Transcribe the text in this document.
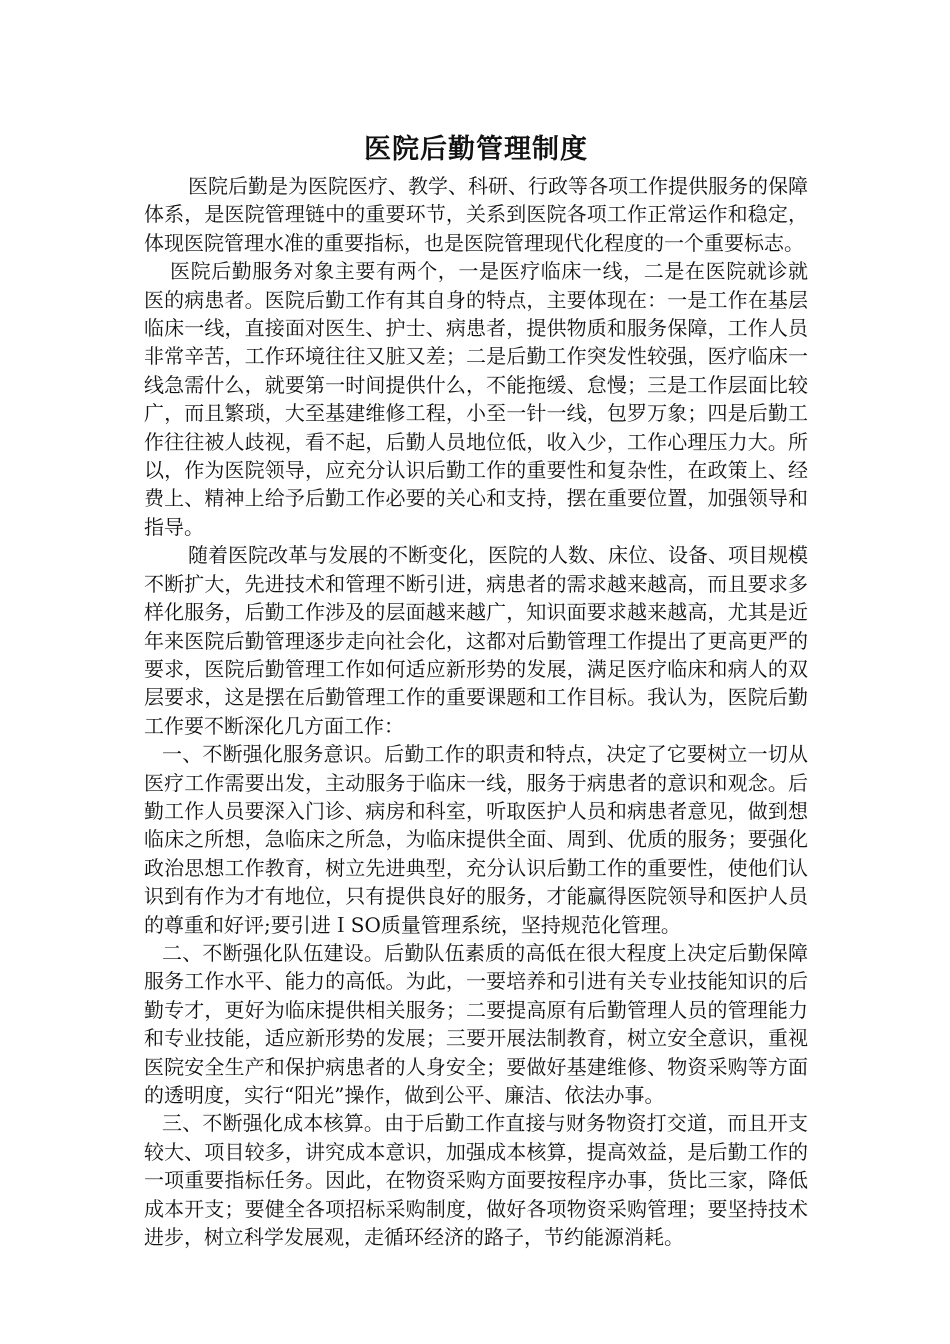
医院后勤管理制度

医院后勤是为医院医疗、教学、科研、行政等各项工作提供服务的保障体系，是医院管理链中的重要环节，关系到医院各项工作正常运作和稳定，体现医院管理水准的重要指标，也是医院管理现代化程度的一个重要标志。

医院后勤服务对象主要有两个，一是医疗临床一线，二是在医院就诊就医的病患者。医院后勤工作有其自身的特点，主要体现在：一是工作在基层临床一线，直接面对医生、护士、病患者，提供物质和服务保障，工作人员非常辛苦，工作环境往往又脏又差；二是后勤工作突发性较强，医疗临床一线急需什么，就要第一时间提供什么，不能拖缓、怠慢；三是工作层面比较广，而且繁琐，大至基建维修工程，小至一针一线，包罗万象；四是后勤工作往往被人歧视，看不起，后勤人员地位低，收入少，工作心理压力大。所以，作为医院领导，应充分认识后勤工作的重要性和复杂性，在政策上、经费上、精神上给予后勤工作必要的关心和支持，摆在重要位置，加强领导和指导。

随着医院改革与发展的不断变化，医院的人数、床位、设备、项目规模不断扩大，先进技术和管理不断引进，病患者的需求越来越高，而且要求多样化服务，后勤工作涉及的层面越来越广，知识面要求越来越高，尤其是近年来医院后勤管理逐步走向社会化，这都对后勤管理工作提出了更高更严的要求，医院后勤管理工作如何适应新形势的发展，满足医疗临床和病人的双层要求，这是摆在后勤管理工作的重要课题和工作目标。我认为，医院后勤工作要不断深化几方面工作：

一、不断强化服务意识。后勤工作的职责和特点，决定了它要树立一切从医疗工作需要出发，主动服务于临床一线，服务于病患者的意识和观念。后勤工作人员要深入门诊、病房和科室，听取医护人员和病患者意见，做到想临床之所想，急临床之所急，为临床提供全面、周到、优质的服务；要强化政治思想工作教育，树立先进典型，充分认识后勤工作的重要性，使他们认识到有作为才有地位，只有提供良好的服务，才能赢得医院领导和医护人员的尊重和好评;要引进ＩSO质量管理系统，坚持规范化管理。

二、不断强化队伍建设。后勤队伍素质的高低在很大程度上决定后勤保障服务工作水平、能力的高低。为此，一要培养和引进有关专业技能知识的后勤专才，更好为临床提供相关服务；二要提高原有后勤管理人员的管理能力和专业技能，适应新形势的发展；三要开展法制教育，树立安全意识，重视医院安全生产和保护病患者的人身安全；要做好基建维修、物资采购等方面的透明度，实行“阳光”操作，做到公平、廉洁、依法办事。

三、不断强化成本核算。由于后勤工作直接与财务物资打交道，而且开支较大、项目较多，讲究成本意识，加强成本核算，提高效益，是后勤工作的一项重要指标任务。因此，在物资采购方面要按程序办事，货比三家，降低成本开支；要健全各项招标采购制度，做好各项物资采购管理；要坚持技术进步，树立科学发展观，走循环经济的路子，节约能源消耗。
